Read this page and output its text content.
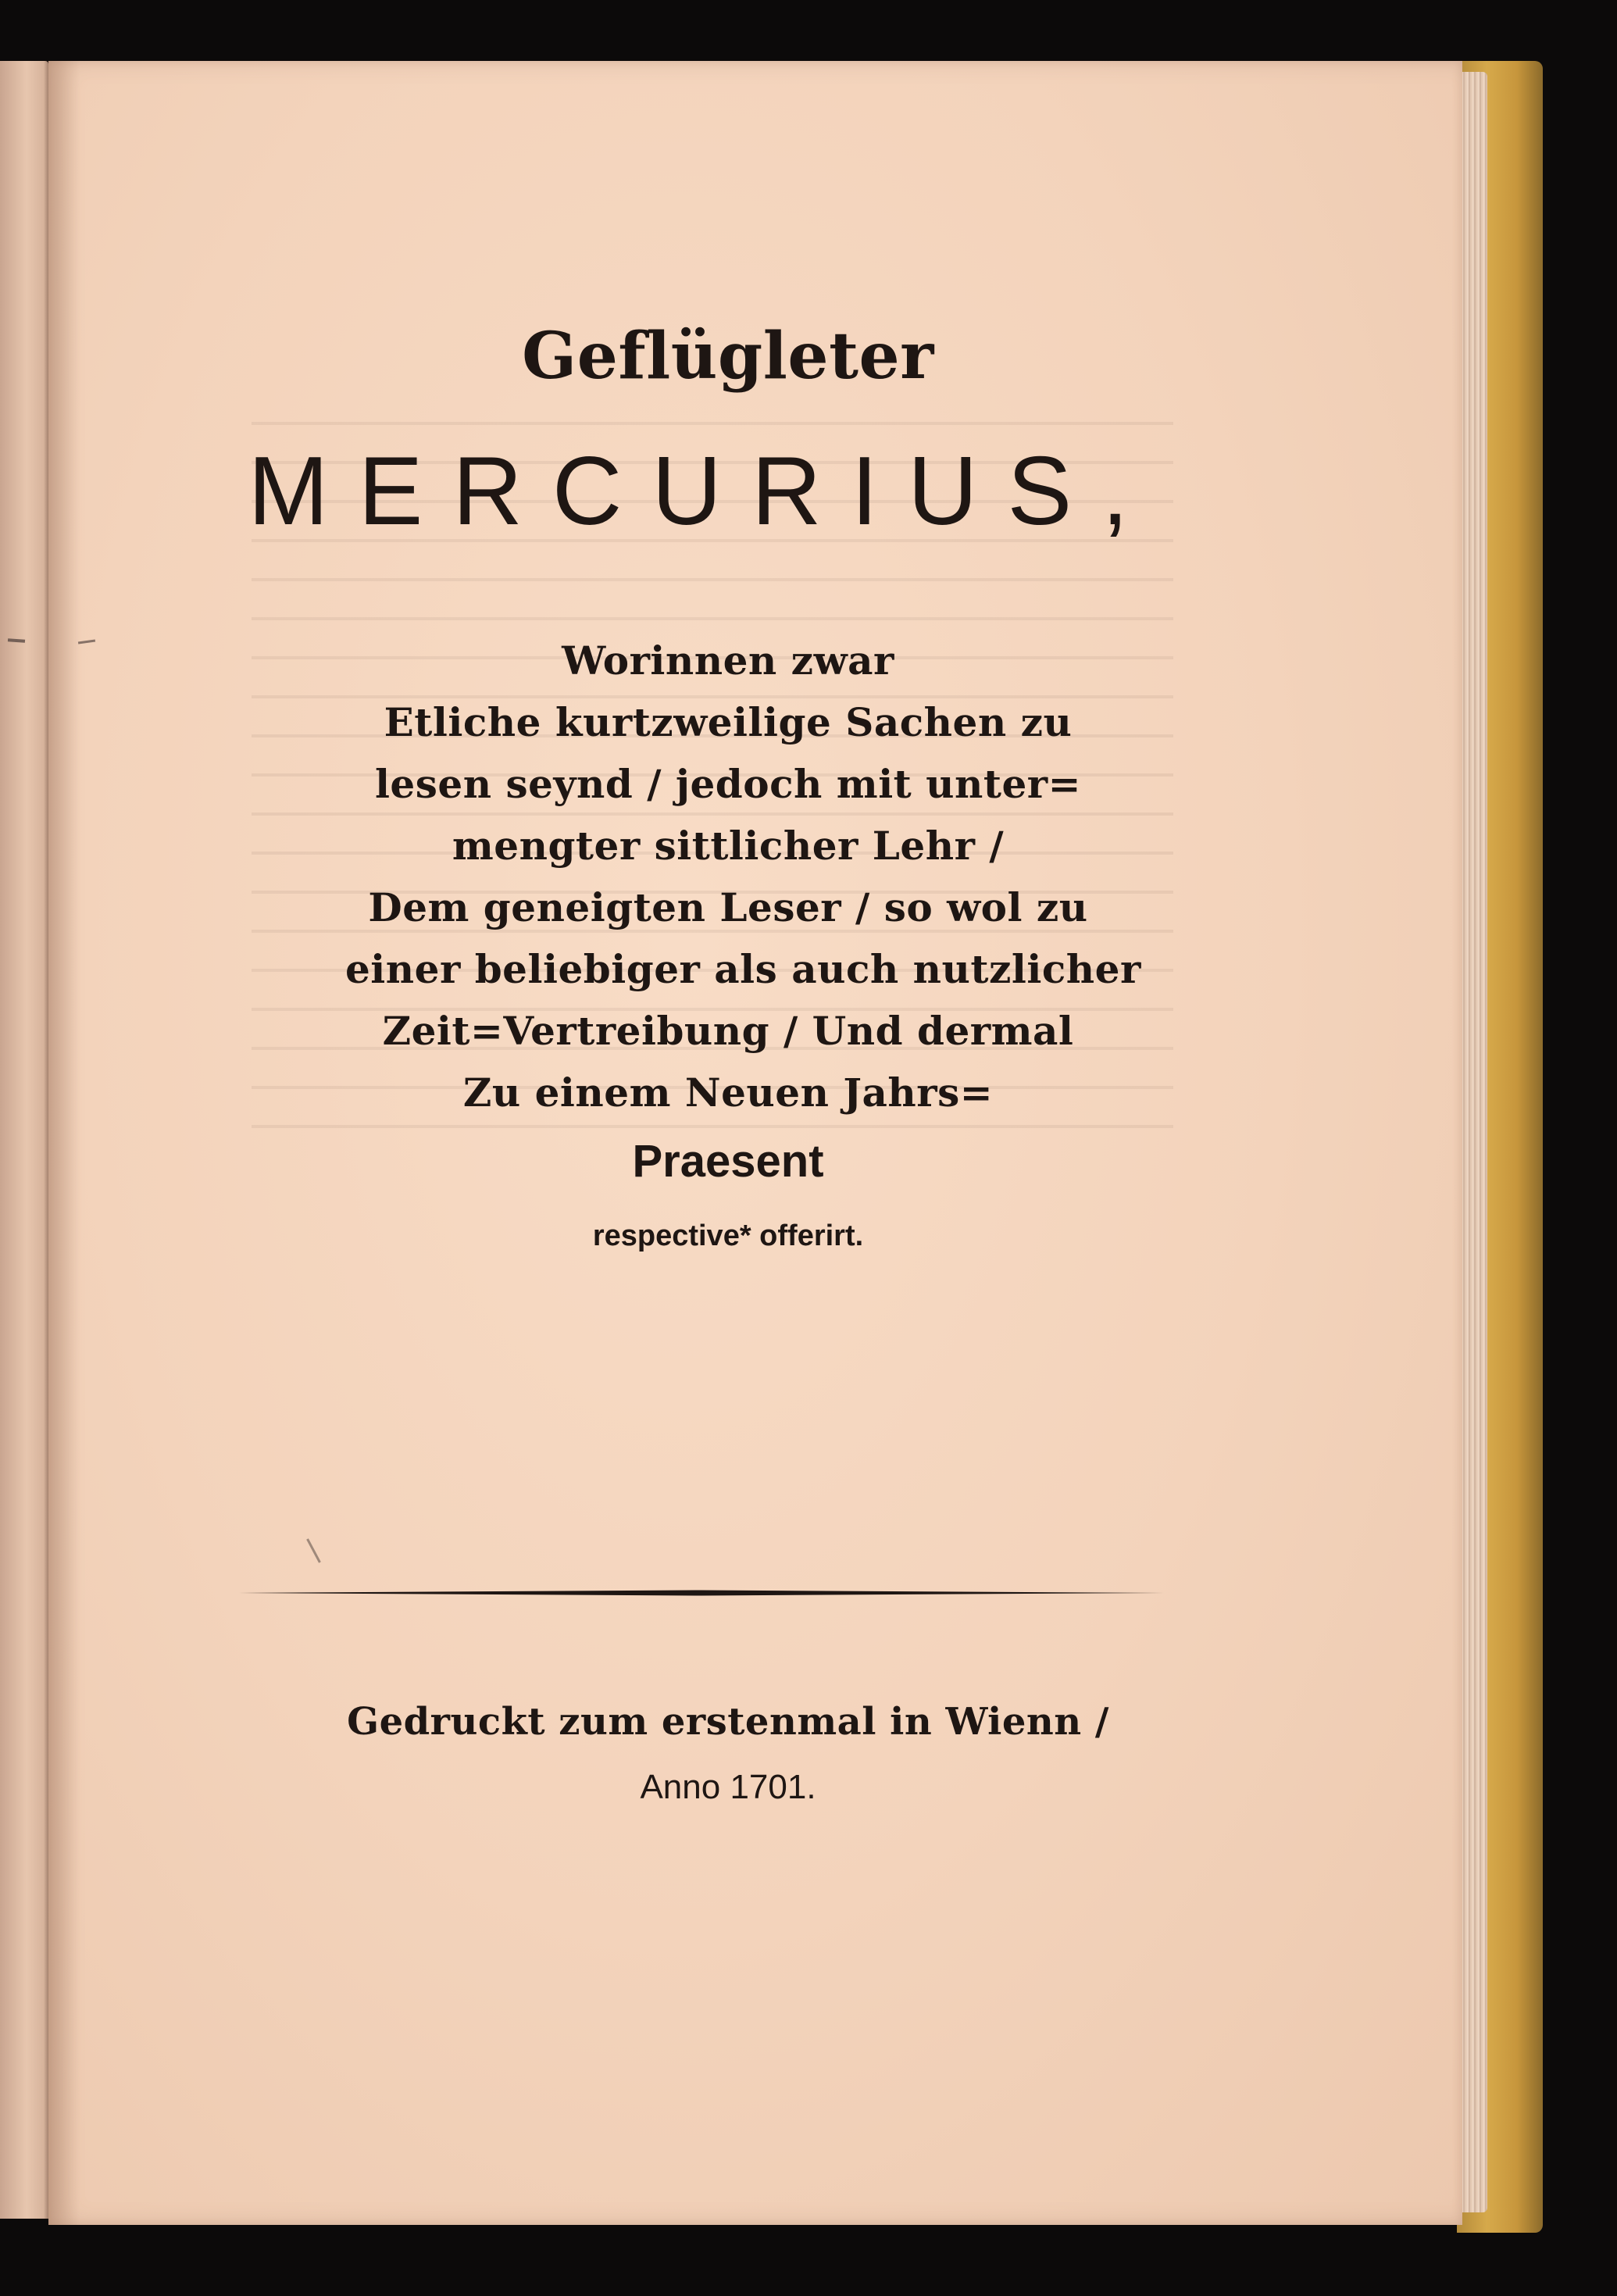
Geflügleter
MERCURIUS,
Worinnen zwar
Etliche kurtzweilige Sachen zu
lesen seynd / jedoch mit unter=
mengter sittlicher Lehr /
Dem geneigten Leser / so wol zu
einer beliebiger als auch nutzlicher
Zeit=Vertreibung / Und dermal
Zu einem Neuen Jahrs=
Praesent
respective* offerirt.
Gedruckt zum erstenmal in Wienn /
Anno 1701.
